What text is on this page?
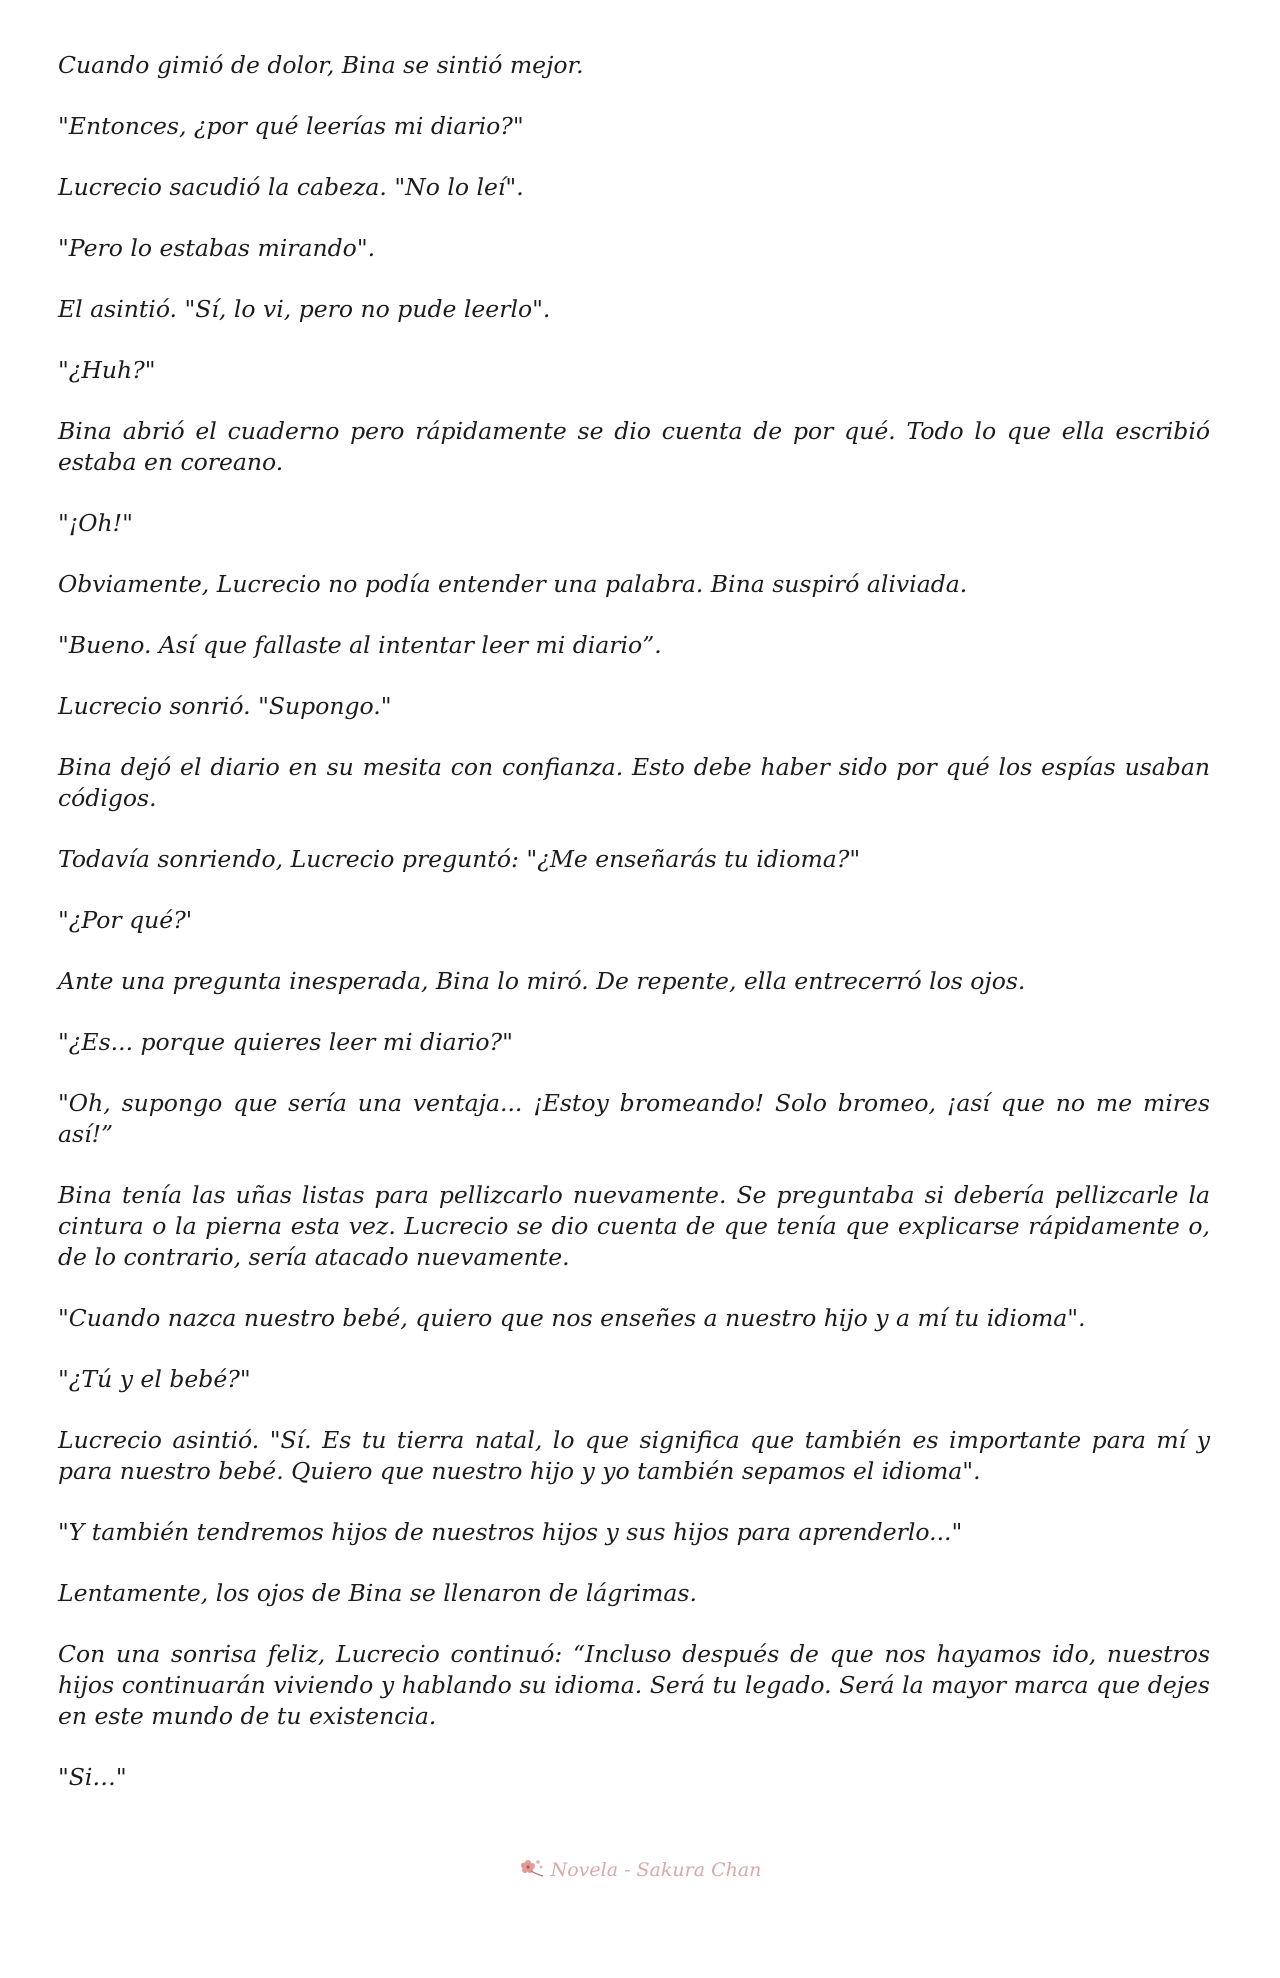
Cuando gimió de dolor, Bina se sintió mejor.

"Entonces, ¿por qué leerías mi diario?"

Lucrecio sacudió la cabeza. "No lo leí".

"Pero lo estabas mirando".

El asintió. "Sí, lo vi, pero no pude leerlo".

"¿Huh?"

Bina abrió el cuaderno pero rápidamente se dio cuenta de por qué. Todo lo que ella escribió estaba en coreano.

"¡Oh!"

Obviamente, Lucrecio no podía entender una palabra. Bina suspiró aliviada.

"Bueno. Así que fallaste al intentar leer mi diario”.

Lucrecio sonrió. "Supongo."

Bina dejó el diario en su mesita con confianza. Esto debe haber sido por qué los espías usaban códigos.

Todavía sonriendo, Lucrecio preguntó: "¿Me enseñarás tu idioma?"

"¿Por qué?'

Ante una pregunta inesperada, Bina lo miró. De repente, ella entrecerró los ojos.

"¿Es... porque quieres leer mi diario?"

"Oh, supongo que sería una ventaja... ¡Estoy bromeando! Solo bromeo, ¡así que no me mires así!”

Bina tenía las uñas listas para pellizcarlo nuevamente. Se preguntaba si debería pellizcarle la cintura o la pierna esta vez. Lucrecio se dio cuenta de que tenía que explicarse rápidamente o, de lo contrario, sería atacado nuevamente.

"Cuando nazca nuestro bebé, quiero que nos enseñes a nuestro hijo y a mí tu idioma".

"¿Tú y el bebé?"

Lucrecio asintió. "Sí. Es tu tierra natal, lo que significa que también es importante para mí y para nuestro bebé. Quiero que nuestro hijo y yo también sepamos el idioma".

"Y también tendremos hijos de nuestros hijos y sus hijos para aprenderlo..."

Lentamente, los ojos de Bina se llenaron de lágrimas.

Con una sonrisa feliz, Lucrecio continuó: “Incluso después de que nos hayamos ido, nuestros hijos continuarán viviendo y hablando su idioma. Será tu legado. Será la mayor marca que dejes en este mundo de tu existencia.

"Si…"

Novela - Sakura Chan
